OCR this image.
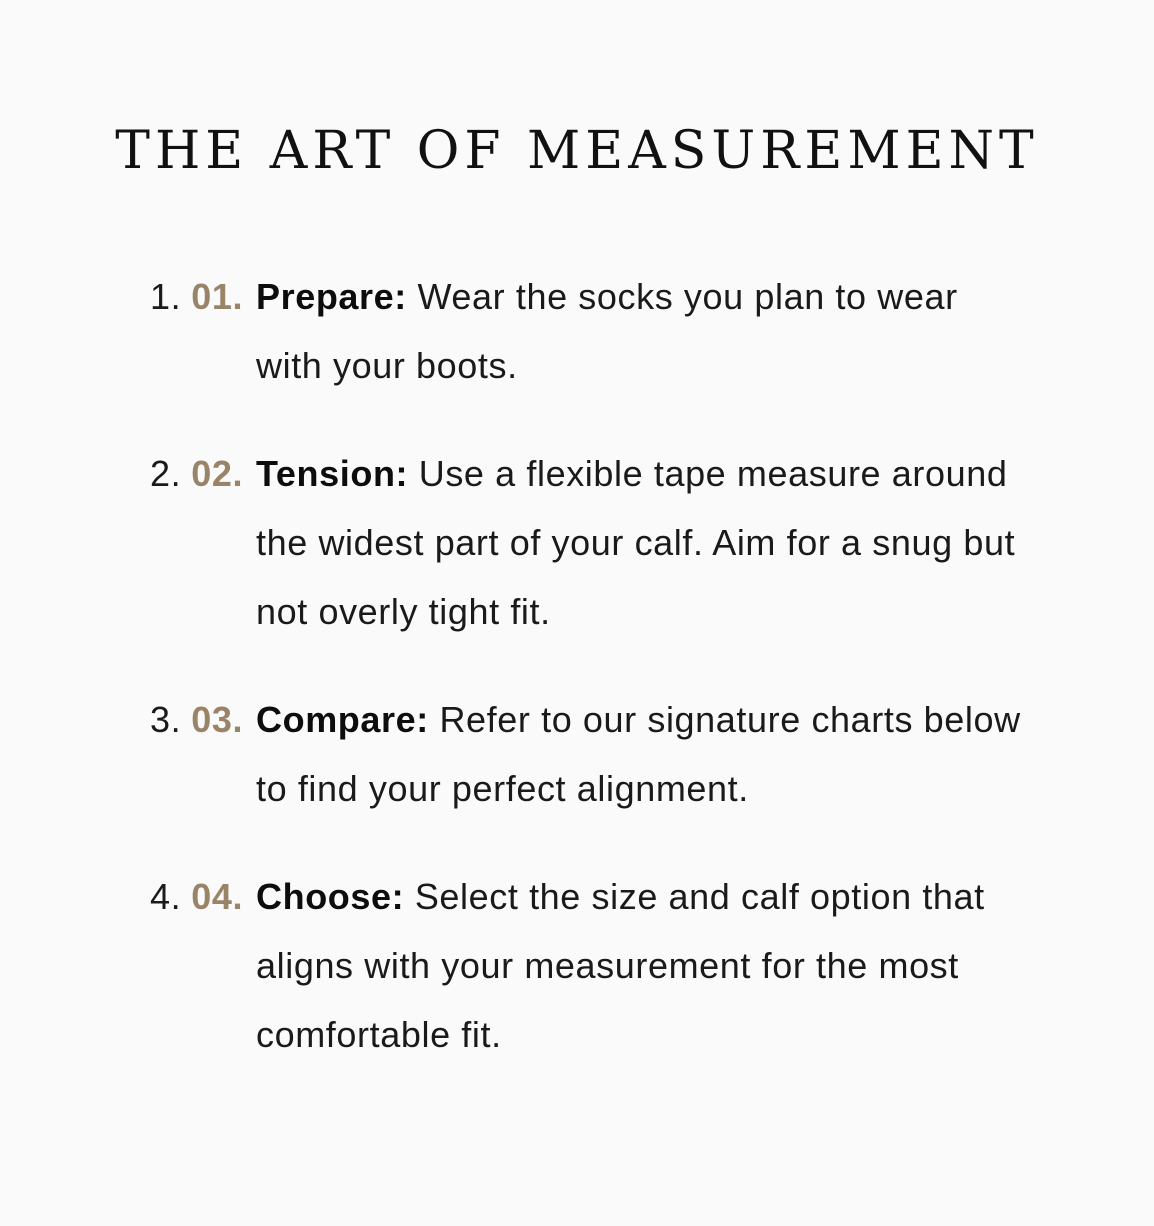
THE ART OF MEASUREMENT
1. 01. Prepare: Wear the socks you plan to wear with your boots.
2. 02. Tension: Use a flexible tape measure around the widest part of your calf. Aim for a snug but not overly tight fit.
3. 03. Compare: Refer to our signature charts below to find your perfect alignment.
4. 04. Choose: Select the size and calf option that aligns with your measurement for the most comfortable fit.
